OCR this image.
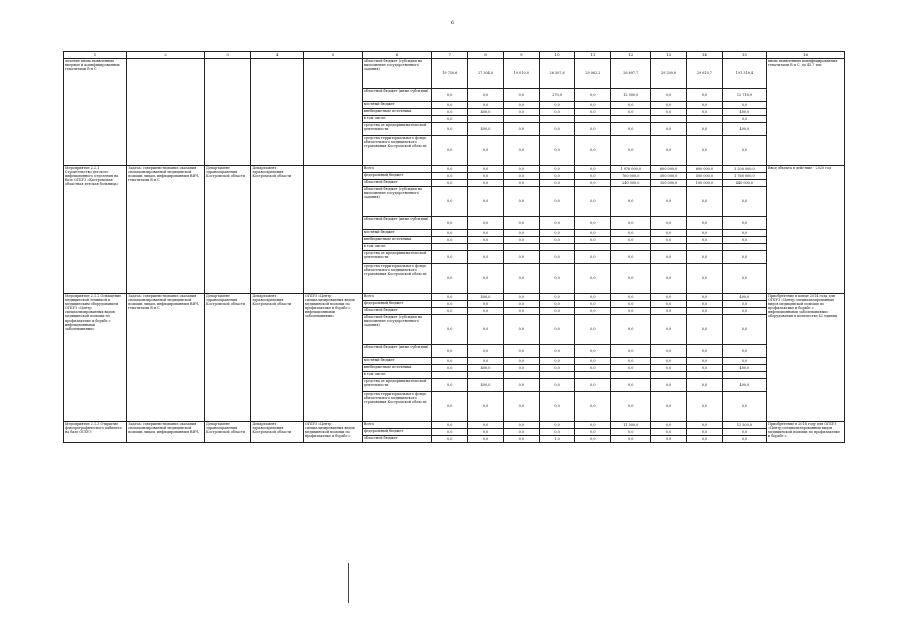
6
1	2	3	4	5	6	7	8	9	10	11	12	13	14	15	16
лечение вновь выявленных впервые и коинфицированных гепатитами B и C					областной бюджет (субсидии на выполнение государственного задания)	19 750,6	27 304,0	19 010,0	26 307,6	29 062,2	26 697,7	29 200,0	29 610,7	191 318,4	вновь выявленных коинфицированных гепатитами B и C, до 45,7 тыс
					областной бюджет (иные субсидии)	0,0	0,0	0,0	270,0	0,0	12 500,0	0,0	0,0	12 718,9	
					местный бюджет	0,0	0,0	0,0	0,0	0,0	0,0	0,0	0,0	0,0	
					внебюджетные источники	0,0	400,0	0,0	0,0	0,0	0,0	0,0	0,0	400,0	
					в том числе:	0,0								0,0	
					средства от предпринимательской деятельности	0,0	400,0	0,0	0,0	0,0	0,0	0,0	0,0	400,0	
					средства территориального фонда обязательного медицинского страхования Костромской области	0,0	0,0	0,0	0,0	0,0	0,0	0,0	0,0	0,0	
Мероприятие 2.2.1 Строительство детского инфекционного отделения на базе ОГБУЗ «Костромская областная детская больница»	Задача: совершенствование оказания специализированной медицинской помощи лицам, инфицированным ВИЧ, гепатитами B и C	Департамент здравоохранения Костромской области	Департамент здравоохранения Костромской области		Всего	0,0	0,0	0,0	0,0	0,0	1 976 000,0	600 000,0	600 000,0	3 200 000,0	Ввод объекта в действие - 2020 год
					федеральный бюджет	0,0	0,0	0,0	0,0	0,0	760 000,0	500 000,0	500 000,0	1 760 000,0	
					областной бюджет	0,0	0,0	0,0	0,0	0,0	240 000,0	100 000,0	100 000,0	440 000,0	
					областной бюджет (субсидии на выполнение государственного задания)	0,0	0,0	0,0	0,0	0,0	0,0	0,0	0,0	0,0	
					областной бюджет (иные субсидии)	0,0	0,0	0,0	0,0	0,0	0,0	0,0	0,0	0,0	
					местный бюджет	0,0	0,0	0,0	0,0	0,0	0,0	0,0	0,0	0,0	
					внебюджетные источники	0,0	0,0	0,0	0,0	0,0	0,0	0,0	0,0	0,0	
					в том числе:										
					средства от предпринимательской деятельности	0,0	0,0	0,0	0,0	0,0	0,0	0,0	0,0	0,0	
					средства территориального фонда обязательного медицинского страхования Костромской области	0,0	0,0	0,0	0,0	0,0	0,0	0,0	0,0	0,0	
Мероприятие 2.1.2 Оснащение медицинской техникой и медицинским оборудованием ОГБУЗ «Центр специализированных видов медицинской помощи по профилактике и борьбе с инфекционными заболеваниями»	Задача: совершенствование оказания специализированной медицинской помощи лицам, инфицированным ВИЧ, гепатитами B и C	Департамент здравоохранения Костромской области	Департамент здравоохранения Костромской области	ОГБУЗ «Центр специализированных видов медицинской помощи по профилактике и борьбе с инфекционными заболеваниями»	Всего	0,0	400,0	0,0	0,0	0,0	0,0	0,0	0,0	400,0	Приобретение в конце 2014 года для ОГБУЗ «Центр специализированных видов медицинской помощи по профилактике и борьбе с инфекционными заболеваниями» оборудования в количестве 42 единиц
					федеральный бюджет	0,0	0,0	0,0	0,0	0,0	0,0	0,0	0,0	0,0	
					областной бюджет	0,0	0,0	0,0	0,0	0,0	0,0	0,0	0,0	0,0	
					областной бюджет (субсидии на выполнение государственного задания)	0,0	0,0	0,0	0,0	0,0	0,0	0,0	0,0	0,0	
					областной бюджет (иные субсидии)	0,0	0,0	0,0	0,0	0,0	0,0	0,0	0,0	0,0	
					местный бюджет	0,0	0,0	0,0	0,0	0,0	0,0	0,0	0,0	0,0	
					внебюджетные источники	0,0	400,0	0,0	0,0	0,0	0,0	0,0	0,0	400,0	
					в том числе:										
					средства от предпринимательской деятельности	0,0	400,0	0,0	0,0	0,0	0,0	0,0	0,0	400,0	
					средства территориального фонда обязательного медицинского страхования Костромской области	0,0	0,0	0,0	0,0	0,0	0,0	0,0	0,0	0,0	
Мероприятие 2.1.3 Открытие флюорографического кабинета на базе ОГБУЗ	Задача: совершенствование оказания специализированной медицинской помощи лицам, инфицированным ВИЧ,	Департамент здравоохранения Костромской области	Департамент здравоохранения Костромской области	ОГБУЗ «Центр специализированных видов медицинской помощи по профилактике и борьбе с	Всего	0,0	0,0	0,0	0,0	0,0	11 500,0	0,0	0,0	12 500,0	Приобретение в 2018 году для ОГБУЗ «Центр специализированных видов медицинской помощи по профилактике и борьбе с
					федеральный бюджет	0,0	0,0	0,0	0,0	0,0	0,0	0,0	0,0	0,0	
					областной бюджет	0,0	0,0	0,0	1,0	0,0	0,0	0,0	0,0	0,0	
